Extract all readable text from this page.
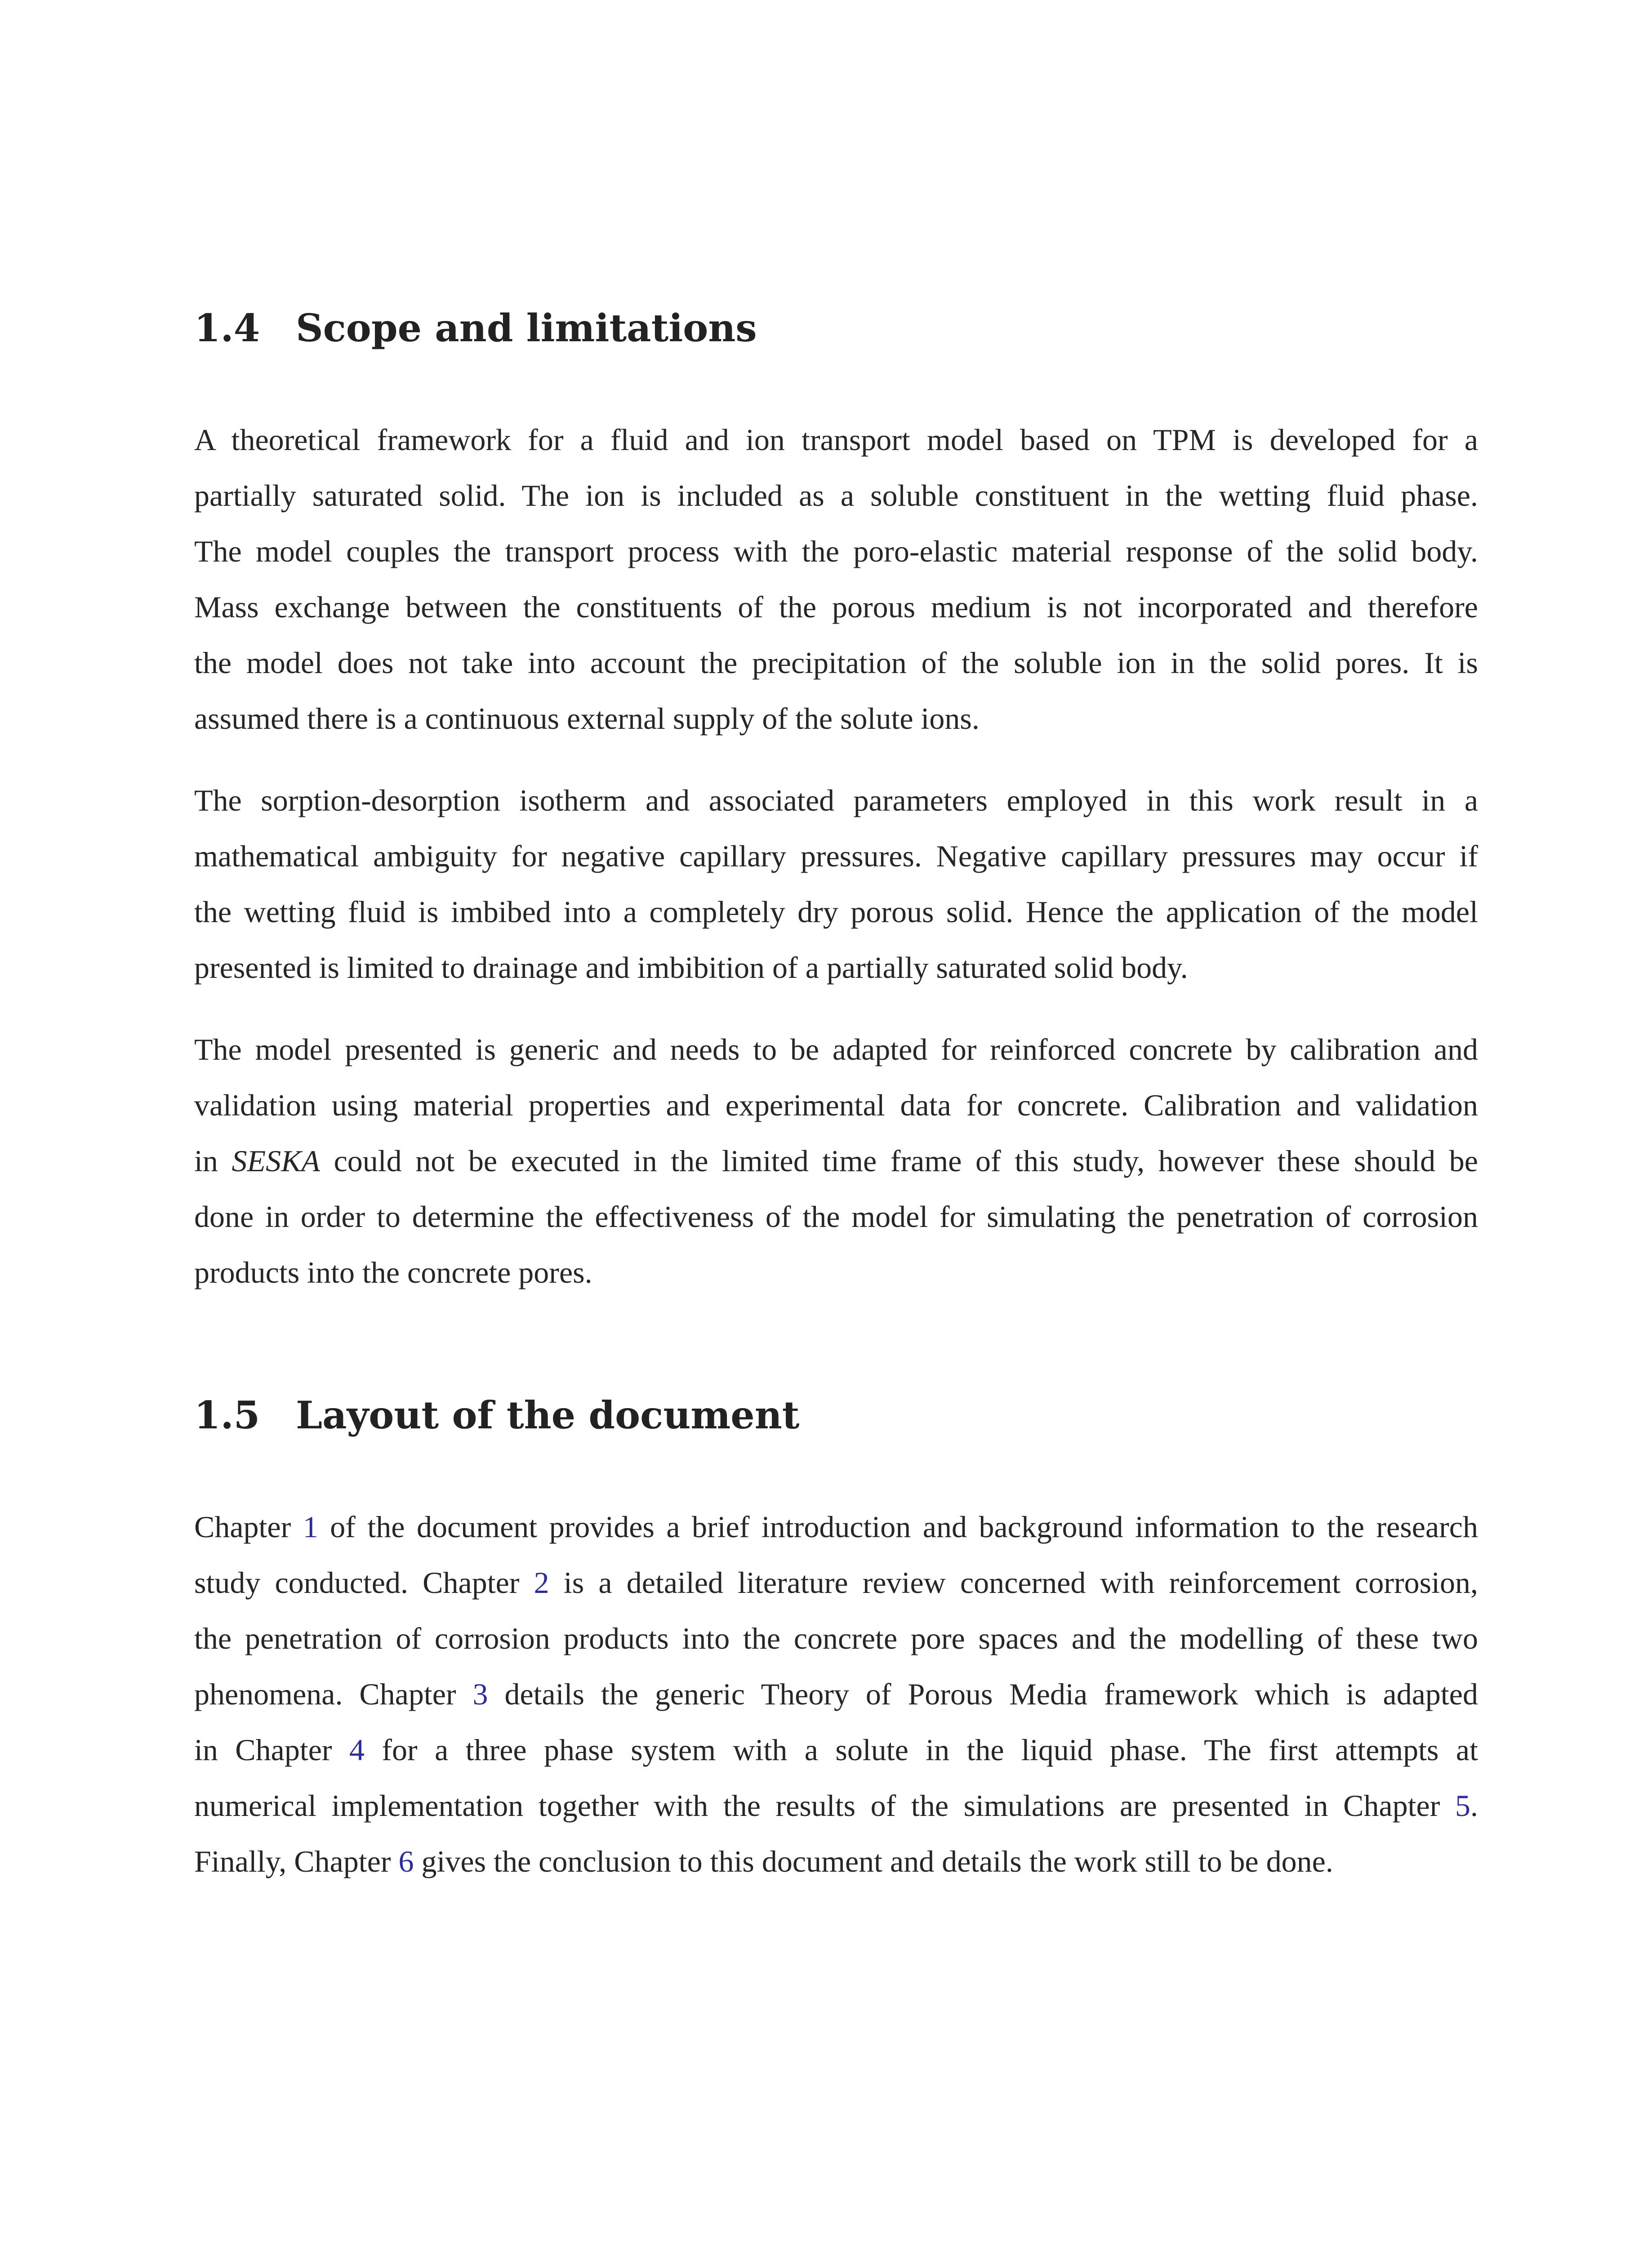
1.4 Scope and limitations
A theoretical framework for a fluid and ion transport model based on TPM is developed for a
partially saturated solid. The ion is included as a soluble constituent in the wetting fluid phase.
The model couples the transport process with the poro-elastic material response of the solid body.
Mass exchange between the constituents of the porous medium is not incorporated and therefore
the model does not take into account the precipitation of the soluble ion in the solid pores. It is
assumed there is a continuous external supply of the solute ions.
The sorption-desorption isotherm and associated parameters employed in this work result in a
mathematical ambiguity for negative capillary pressures. Negative capillary pressures may occur if
the wetting fluid is imbibed into a completely dry porous solid. Hence the application of the model
presented is limited to drainage and imbibition of a partially saturated solid body.
The model presented is generic and needs to be adapted for reinforced concrete by calibration and
validation using material properties and experimental data for concrete. Calibration and validation
in SESKA could not be executed in the limited time frame of this study, however these should be
done in order to determine the effectiveness of the model for simulating the penetration of corrosion
products into the concrete pores.
1.5 Layout of the document
Chapter 1 of the document provides a brief introduction and background information to the research
study conducted. Chapter 2 is a detailed literature review concerned with reinforcement corrosion,
the penetration of corrosion products into the concrete pore spaces and the modelling of these two
phenomena. Chapter 3 details the generic Theory of Porous Media framework which is adapted
in Chapter 4 for a three phase system with a solute in the liquid phase. The first attempts at
numerical implementation together with the results of the simulations are presented in Chapter 5.
Finally, Chapter 6 gives the conclusion to this document and details the work still to be done.
